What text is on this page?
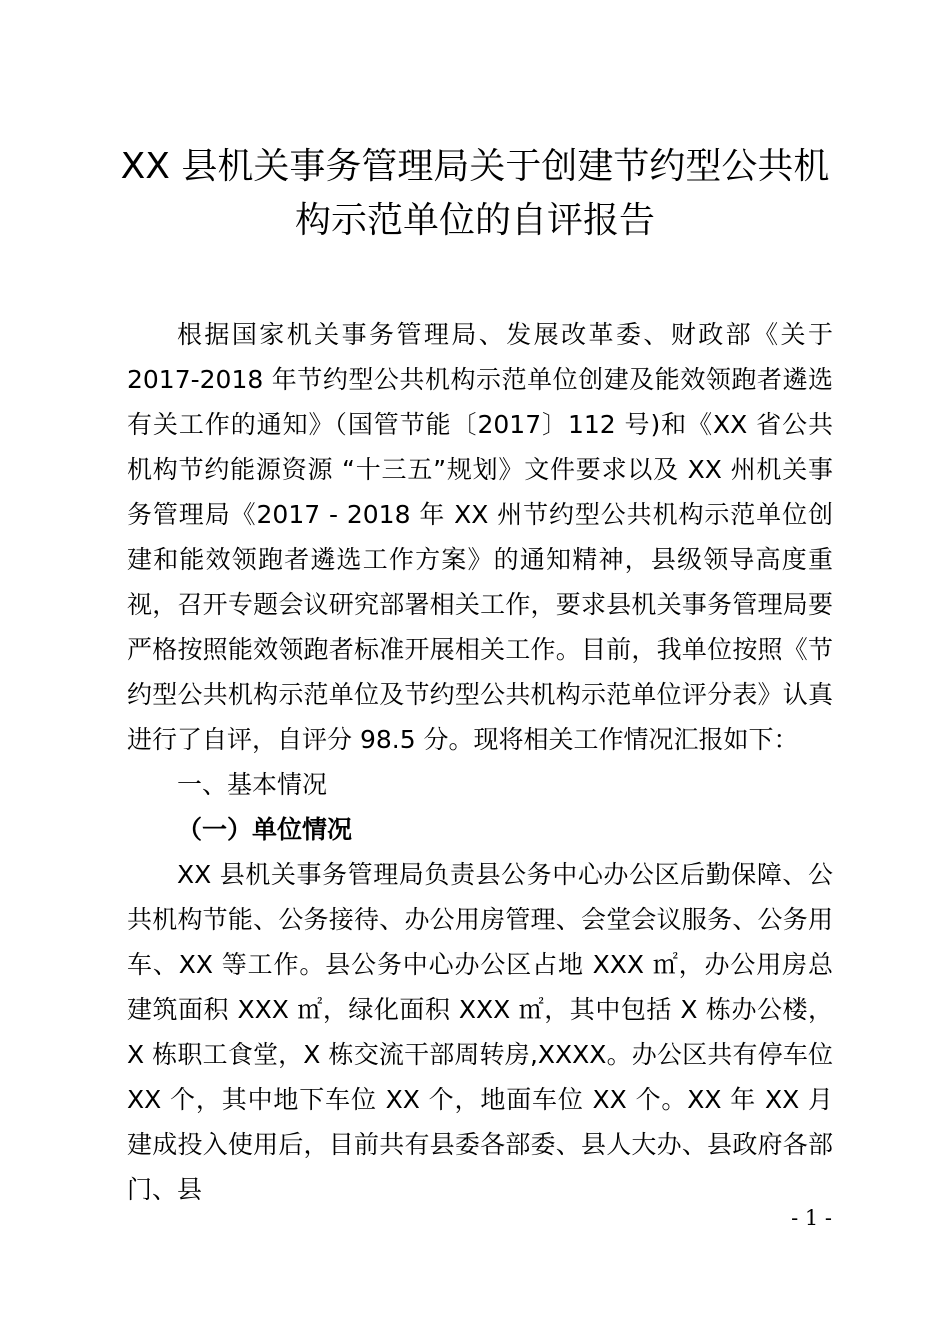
XX 县机关事务管理局关于创建节约型公共机
构示范单位的自评报告

根据国家机关事务管理局、发展改革委、财政部《关于2017-2018 年节约型公共机构示范单位创建及能效领跑者遴选有关工作的通知》（国管节能〔2017〕112 号)和《XX 省公共机构节约能源资源 “十三五”规划》文件要求以及 XX 州机关事务管理局《2017 - 2018 年 XX 州节约型公共机构示范单位创建和能效领跑者遴选工作方案》的通知精神，县级领导高度重视，召开专题会议研究部署相关工作，要求县机关事务管理局要严格按照能效领跑者标准开展相关工作。目前，我单位按照《节约型公共机构示范单位及节约型公共机构示范单位评分表》认真进行了自评，自评分 98.5 分。现将相关工作情况汇报如下：

一、基本情况

（一）单位情况

XX 县机关事务管理局负责县公务中心办公区后勤保障、公共机构节能、公务接待、办公用房管理、会堂会议服务、公务用车、XX 等工作。县公务中心办公区占地 XXX ㎡，办公用房总建筑面积 XXX ㎡，绿化面积 XXX ㎡，其中包括 X 栋办公楼，X 栋职工食堂，X 栋交流干部周转房,XXXX。办公区共有停车位 XX 个，其中地下车位 XX 个，地面车位 XX 个。XX 年 XX 月建成投入使用后，目前共有县委各部委、县人大办、县政府各部门、县

- 1 -
